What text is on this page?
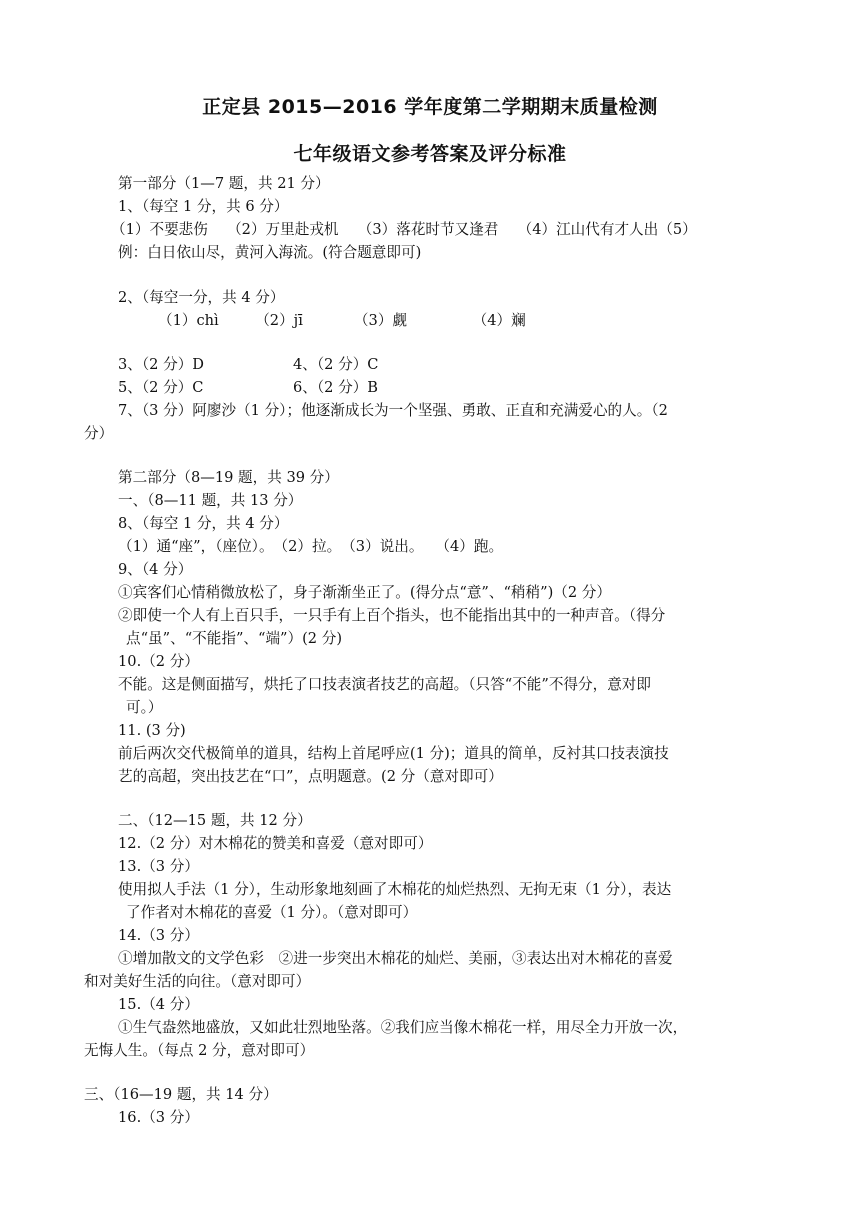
正定县 2015—2016 学年度第二学期期末质量检测
七年级语文参考答案及评分标准
第一部分（1—7 题，共 21 分）
1、（每空 1 分，共 6 分）
（1）不要悲伤　 （2）万里赴戎机　 （3）落花时节又逢君　 （4）江山代有才人出（5）
例：白日依山尽，黄河入海流。(符合题意即可)
2、（每空一分，共 4 分）
（1）chì　　　（2）jī　　　　（3）觑　　　　　（4）斓
3、（2 分）D	4、（2 分）C
5、（2 分）C	6、（2 分）B
7、（3 分）阿廖沙（1 分）；他逐渐成长为一个坚强、勇敢、正直和充满爱心的人。（2
分）
第二部分（8—19 题，共 39 分）
一、（8—11 题，共 13 分）
8、（每空 1 分，共 4 分）
（1）通“座”，（座位）。　（2）拉。　（3）说出。　 （4）跑。
9、（4 分）
①宾客们心情稍微放松了，身子渐渐坐正了。(得分点“意”、“稍稍”)（2 分）
②即使一个人有上百只手，一只手有上百个指头，也不能指出其中的一种声音。（得分
点“虽”、“不能指”、“端”）(2 分)
10.（2 分）
不能。这是侧面描写，烘托了口技表演者技艺的高超。（只答“不能”不得分，意对即
可。）
11. (3 分)
前后两次交代极简单的道具，结构上首尾呼应(1 分)；道具的简单，反衬其口技表演技
艺的高超，突出技艺在“口”，点明题意。(2 分（意对即可）
二、（12—15 题，共 12 分）
12.（2 分）对木棉花的赞美和喜爱（意对即可）
13.（3 分）
使用拟人手法（1 分），生动形象地刻画了木棉花的灿烂热烈、无拘无束（1 分），表达
了作者对木棉花的喜爱（1 分）。（意对即可）
14.（3 分）
①增加散文的文学色彩　②进一步突出木棉花的灿烂、美丽，③表达出对木棉花的喜爱
和对美好生活的向往。（意对即可）
15.（4 分）
①生气盎然地盛放，又如此壮烈地坠落。②我们应当像木棉花一样，用尽全力开放一次，
无悔人生。（每点 2 分，意对即可）
三、（16—19 题，共 14 分）
16.（3 分）
